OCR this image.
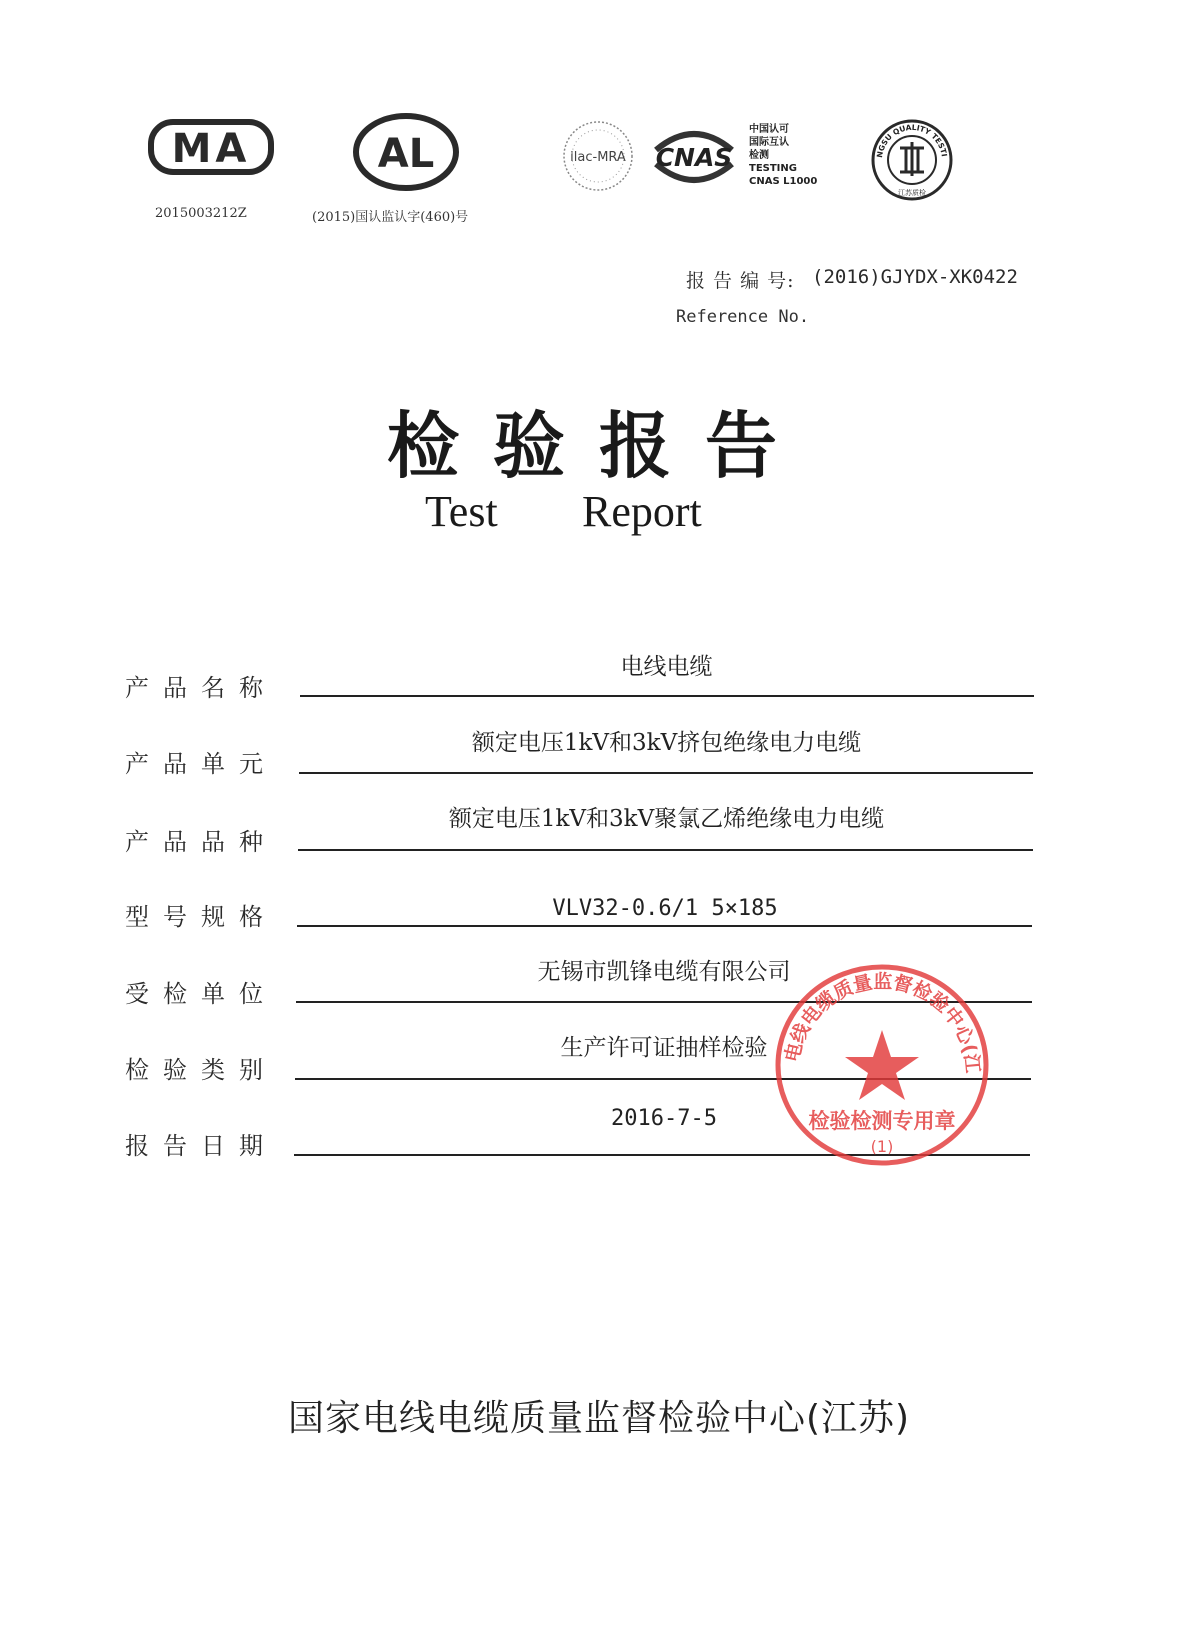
MA
2015003212Z
AL
(2015)国认监认字(460)号
ilac-MRA CNAS
中国认可
国际互认
检测
TESTING
CNAS L1000
NGSU QUALITY TESTI
江苏质检
报 告 编 号: (2016)GJYDX-XK0422
Reference No.
检验报告
Test Report
电线电缆
产品名称
额定电压1kV和3kV挤包绝缘电力电缆
产品单元
额定电压1kV和3kV聚氯乙烯绝缘电力电缆
产品品种
VLV32-0.6/1 5×185
型号规格
无锡市凯锋电缆有限公司
受检单位
生产许可证抽样检验
检验类别
2016-7-5
报告日期
电线电缆质量监督检验中心(江
检验检测专用章
(1)
国家电线电缆质量监督检验中心(江苏)
